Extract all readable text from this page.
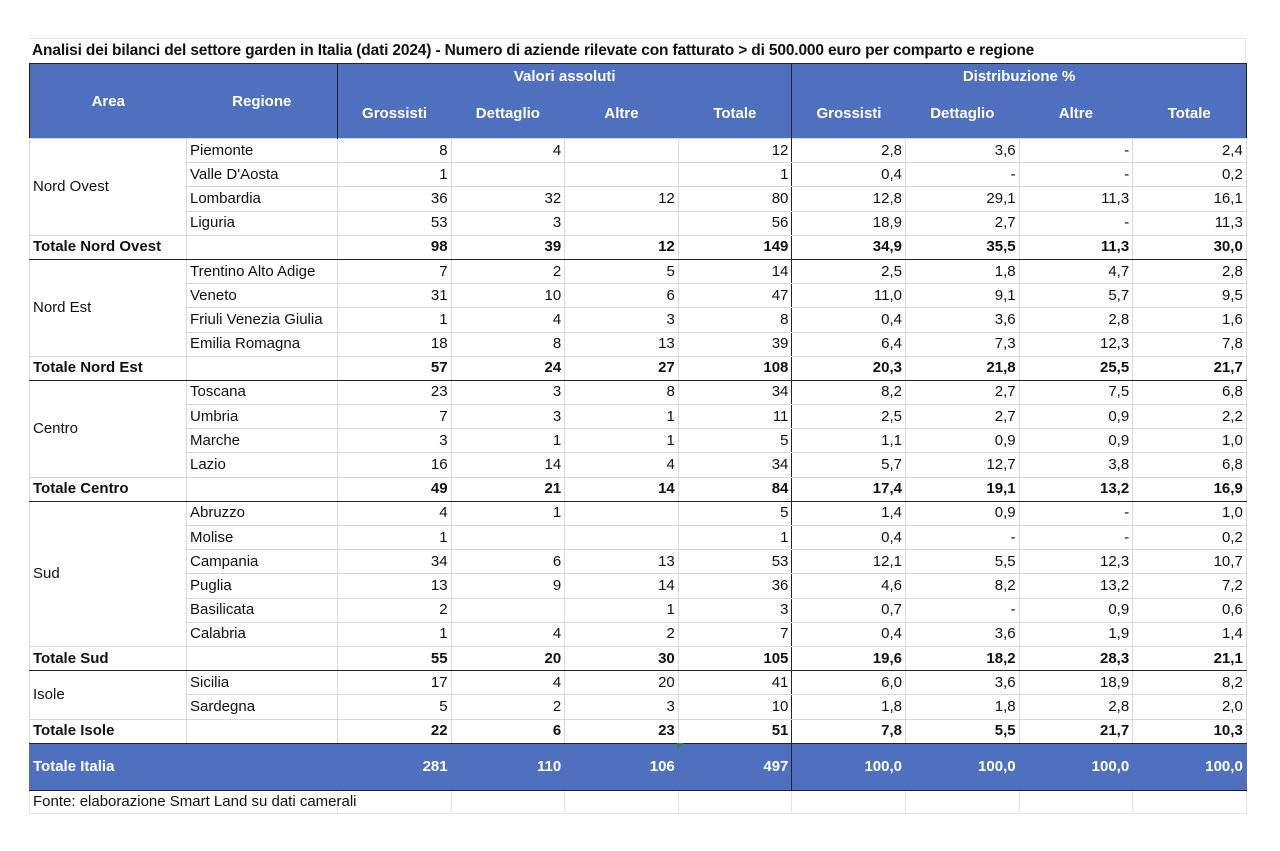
Analisi dei bilanci del settore garden in Italia (dati 2024) - Numero di aziende rilevate con fatturato > di 500.000 euro per comparto e regione
Area	Regione	Valori assoluti				Distribuzione %			
		Grossisti	Dettaglio	Altre	Totale	Grossisti	Dettaglio	Altre	Totale
Nord Ovest	Piemonte	8	4		12	2,8	3,6	-	2,4
	Valle D'Aosta	1			1	0,4	-	-	0,2
	Lombardia	36	32	12	80	12,8	29,1	11,3	16,1
	Liguria	53	3		56	18,9	2,7	-	11,3
Totale Nord Ovest		98	39	12	149	34,9	35,5	11,3	30,0
Nord Est	Trentino Alto Adige	7	2	5	14	2,5	1,8	4,7	2,8
	Veneto	31	10	6	47	11,0	9,1	5,7	9,5
	Friuli Venezia Giulia	1	4	3	8	0,4	3,6	2,8	1,6
	Emilia Romagna	18	8	13	39	6,4	7,3	12,3	7,8
Totale Nord Est		57	24	27	108	20,3	21,8	25,5	21,7
Centro	Toscana	23	3	8	34	8,2	2,7	7,5	6,8
	Umbria	7	3	1	11	2,5	2,7	0,9	2,2
	Marche	3	1	1	5	1,1	0,9	0,9	1,0
	Lazio	16	14	4	34	5,7	12,7	3,8	6,8
Totale Centro		49	21	14	84	17,4	19,1	13,2	16,9
Sud	Abruzzo	4	1		5	1,4	0,9	-	1,0
	Molise	1			1	0,4	-	-	0,2
	Campania	34	6	13	53	12,1	5,5	12,3	10,7
	Puglia	13	9	14	36	4,6	8,2	13,2	7,2
	Basilicata	2		1	3	0,7	-	0,9	0,6
	Calabria	1	4	2	7	0,4	3,6	1,9	1,4
Totale Sud		55	20	30	105	19,6	18,2	28,3	21,1
Isole	Sicilia	17	4	20	41	6,0	3,6	18,9	8,2
	Sardegna	5	2	3	10	1,8	1,8	2,8	2,0
Totale Isole		22	6	23	51	7,8	5,5	21,7	10,3
Totale Italia		281	110	106	497	100,0	100,0	100,0	100,0
Fonte: elaborazione Smart Land su dati camerali									
